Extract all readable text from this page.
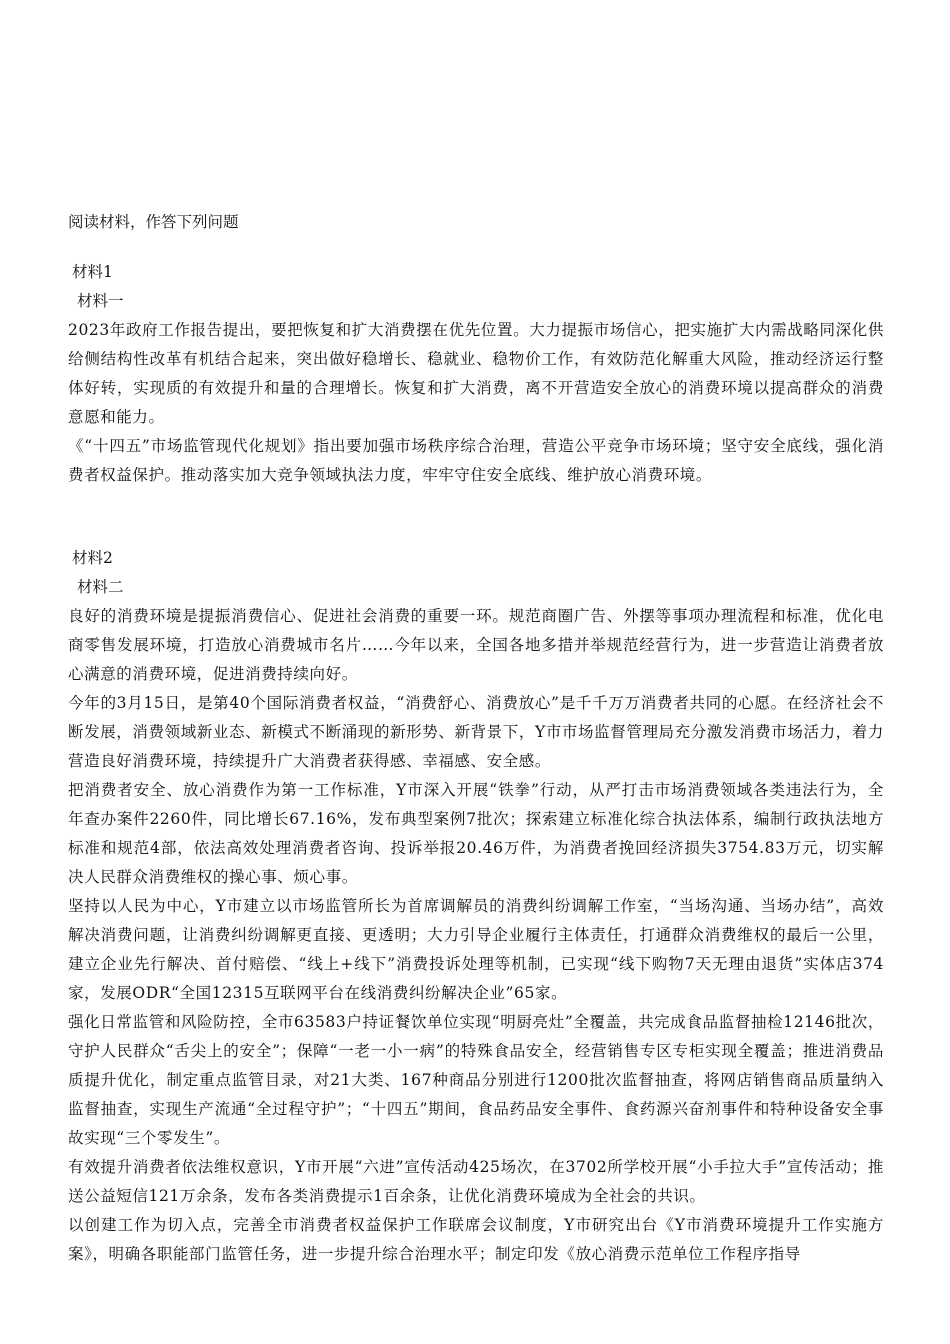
阅读材料，作答下列问题

材料1

材料一

2023年政府工作报告提出，要把恢复和扩大消费摆在优先位置。大力提振市场信心，把实施扩大内需战略同深化供给侧结构性改革有机结合起来，突出做好稳增长、稳就业、稳物价工作，有效防范化解重大风险，推动经济运行整体好转，实现质的有效提升和量的合理增长。恢复和扩大消费，离不开营造安全放心的消费环境以提高群众的消费意愿和能力。

《“十四五”市场监管现代化规划》指出要加强市场秩序综合治理，营造公平竞争市场环境；坚守安全底线，强化消费者权益保护。推动落实加大竞争领域执法力度，牢牢守住安全底线、维护放心消费环境。

材料2

材料二

良好的消费环境是提振消费信心、促进社会消费的重要一环。规范商圈广告、外摆等事项办理流程和标准，优化电商零售发展环境，打造放心消费城市名片……今年以来，全国各地多措并举规范经营行为，进一步营造让消费者放心满意的消费环境，促进消费持续向好。

今年的3月15日，是第40个国际消费者权益，“消费舒心、消费放心”是千千万万消费者共同的心愿。在经济社会不断发展，消费领域新业态、新模式不断涌现的新形势、新背景下，Y市市场监督管理局充分激发消费市场活力，着力营造良好消费环境，持续提升广大消费者获得感、幸福感、安全感。

把消费者安全、放心消费作为第一工作标准，Y市深入开展“铁拳”行动，从严打击市场消费领域各类违法行为，全年查办案件2260件，同比增长67.16%，发布典型案例7批次；探索建立标准化综合执法体系，编制行政执法地方标准和规范4部，依法高效处理消费者咨询、投诉举报20.46万件，为消费者挽回经济损失3754.83万元，切实解决人民群众消费维权的操心事、烦心事。

坚持以人民为中心，Y市建立以市场监管所长为首席调解员的消费纠纷调解工作室，“当场沟通、当场办结”，高效解决消费问题，让消费纠纷调解更直接、更透明；大力引导企业履行主体责任，打通群众消费维权的最后一公里，建立企业先行解决、首付赔偿、“线上+线下”消费投诉处理等机制，已实现“线下购物7天无理由退货”实体店374家，发展ODR“全国12315互联网平台在线消费纠纷解决企业”65家。

强化日常监管和风险防控，全市63583户持证餐饮单位实现“明厨亮灶”全覆盖，共完成食品监督抽检12146批次，守护人民群众“舌尖上的安全”；保障“一老一小一病”的特殊食品安全，经营销售专区专柜实现全覆盖；推进消费品质提升优化，制定重点监管目录，对21大类、167种商品分别进行1200批次监督抽查，将网店销售商品质量纳入监督抽查，实现生产流通“全过程守护”；“十四五”期间，食品药品安全事件、食药源兴奋剂事件和特种设备安全事故实现“三个零发生”。

有效提升消费者依法维权意识，Y市开展“六进”宣传活动425场次，在3702所学校开展“小手拉大手”宣传活动；推送公益短信121万余条，发布各类消费提示1百余条，让优化消费环境成为全社会的共识。

以创建工作为切入点，完善全市消费者权益保护工作联席会议制度，Y市研究出台《Y市消费环境提升工作实施方案》，明确各职能部门监管任务，进一步提升综合治理水平；制定印发《放心消费示范单位工作程序指导
